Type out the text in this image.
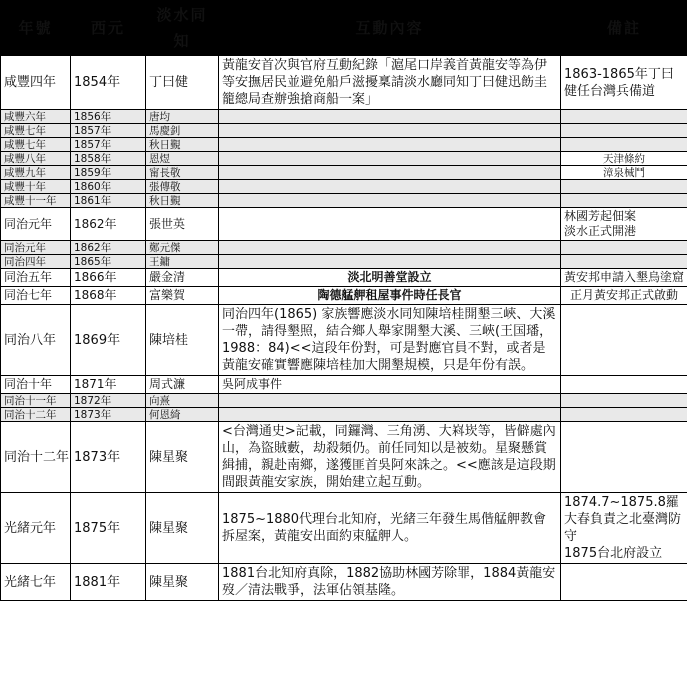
年號	西元	淡水同知	互動內容	備註
咸豐四年	1854年	丁曰健	黃龍安首次與官府互動紀錄「滬尾口岸義首黃龍安等為伊等安撫居民並避免船戶滋擾稟請淡水廳同知丁曰健迅飭圭籠總局查辦強搶商船一案」	1863-1865年丁曰健任台灣兵備道
咸豐六年	1856年	唐均		
咸豐七年	1857年	馬慶釗		
咸豐七年	1857年	秋日覲		
咸豐八年	1858年	恩煜		天津條約
咸豐九年	1859年	甯長敬		漳泉械鬥
咸豐十年	1860年	張傳敬		
咸豐十一年	1861年	秋日覲		
同治元年	1862年	張世英		林國芳起佃案
淡水正式開港
同治元年	1862年	鄭元傑		
同治四年	1865年	王鏞		
同治五年	1866年	嚴金清	淡北明善堂設立	黃安邦申請入墾烏塗窟
同治七年	1868年	富樂賀	陶德艋舺租屋事件時任長官	正月黃安邦正式啟動
同治八年	1869年	陳培桂	同治四年(1865) 家族響應淡水同知陳培桂開墾三峽、大溪一帶，請得墾照，結合鄉人舉家開墾大溪、三峽(王国璠， 1988：84)<<這段年份對，可是對應官員不對，或者是黃龍安確實響應陳培桂加大開墾規模，只是年份有誤。	
同治十年	1871年	周式濂	吳阿成事件	
同治十一年	1872年	向熹		
同治十二年	1873年	何恩綺		
同治十二年	1873年	陳星聚	<台灣通史>記載，同鑼灣、三角湧、大嵙崁等，皆僻處內山，為盜賊藪，劫殺頻仍。前任同知以是被劾。星聚懸賞緝捕，親赴南鄉，遂獲匪首吳阿來誅之。<<應該是這段期間跟黃龍安家族，開始建立起互動。	
光緒元年	1875年	陳星聚	1875~1880代理台北知府，光緒三年發生馬偕艋舺教會拆屋案，黃龍安出面約束艋舺人。	1874.7~1875.8羅大春負責之北臺灣防守
1875台北府設立
光緒七年	1881年	陳星聚	1881台北知府真除，1882協助林國芳除罪，1884黃龍安歿／清法戰爭，法軍佔領基隆。	
